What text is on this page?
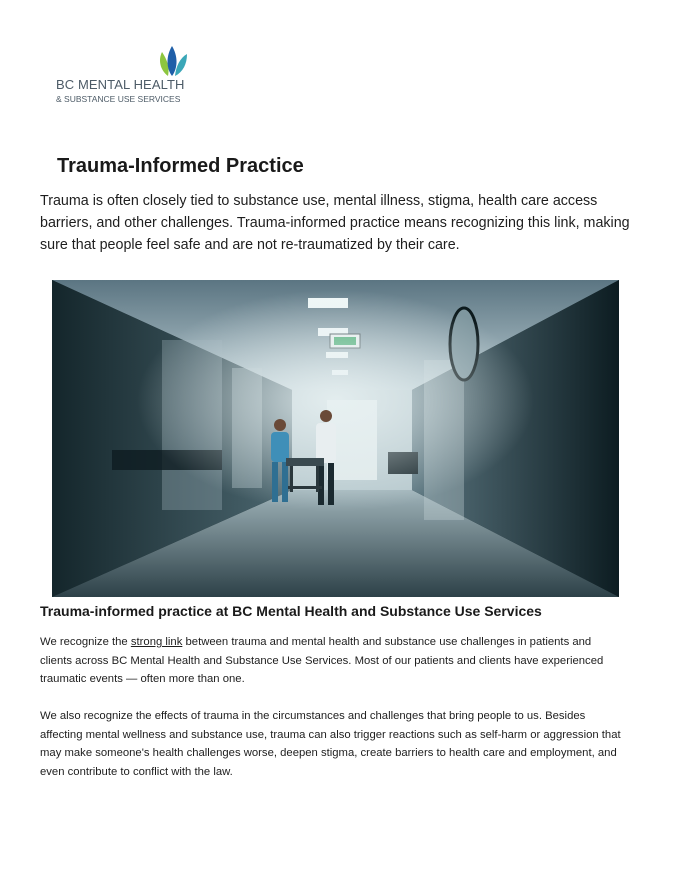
BC MENTAL HEALTH
& SUBSTANCE USE SERVICES
Trauma-Informed Practice

Trauma is often closely tied to substance use, mental illness, stigma, health care access barriers, and other challenges. Trauma-informed practice means recognizing this link, making sure that people feel safe and are not re-traumatized by their care.

Trauma-informed practice at BC Mental Health and Substance Use Services

We recognize the strong link between trauma and mental health and substance use challenges in patients and clients across BC Mental Health and Substance Use Services. Most of our patients and clients have experienced traumatic events — often more than one.

We also recognize the effects of trauma in the circumstances and challenges that bring people to us. Besides affecting mental wellness and substance use, trauma can also trigger reactions such as self-harm or aggression that may make someone's health challenges worse, deepen stigma, create barriers to health care and employment, and even contribute to conflict with the law.
